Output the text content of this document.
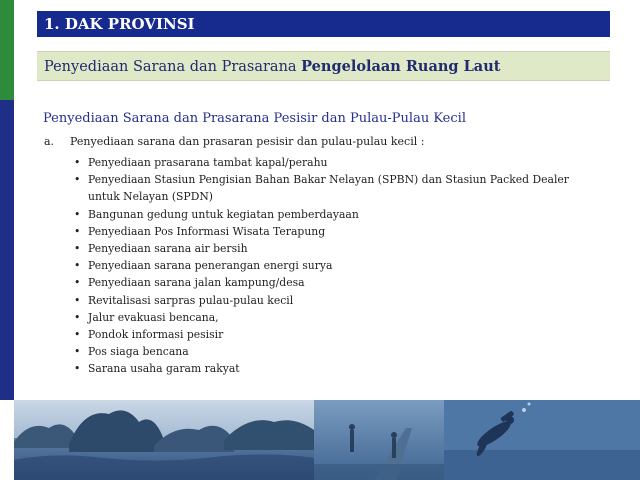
1. DAK PROVINSI
Penyediaan Sarana dan Prasarana Pengelolaan Ruang Laut
Penyediaan Sarana dan Prasarana Pesisir dan Pulau-Pulau Kecil
a. Penyediaan sarana dan prasaran pesisir dan pulau-pulau kecil :
• Penyediaan prasarana tambat kapal/perahu
• Penyediaan Stasiun Pengisian Bahan Bakar Nelayan (SPBN) dan Stasiun Packed Dealer untuk Nelayan (SPDN)
• Bangunan gedung untuk kegiatan pemberdayaan
• Penyediaan Pos Informasi Wisata Terapung
• Penyediaan sarana air bersih
• Penyediaan sarana penerangan energi surya
• Penyediaan sarana jalan kampung/desa
• Revitalisasi sarpras pulau-pulau kecil
• Jalur evakuasi bencana,
• Pondok informasi pesisir
• Pos siaga bencana
• Sarana usaha garam rakyat
